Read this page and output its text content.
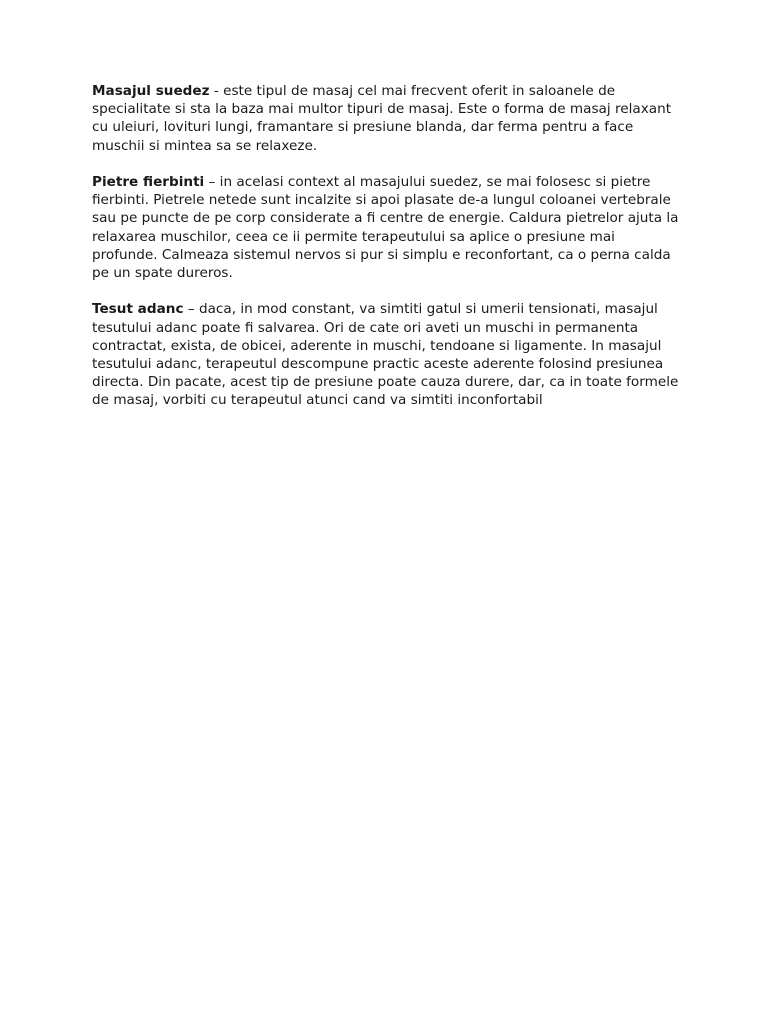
Masajul suedez - este tipul de masaj cel mai frecvent oferit in saloanele de specialitate si sta la baza mai multor tipuri de masaj. Este o forma de masaj relaxant cu uleiuri, lovituri lungi, framantare si presiune blanda, dar ferma pentru a face muschii si mintea sa se relaxeze.

Pietre fierbinti – in acelasi context al masajului suedez, se mai folosesc si pietre fierbinti. Pietrele netede sunt incalzite si apoi plasate de-a lungul coloanei vertebrale sau pe puncte de pe corp considerate a fi centre de energie. Caldura pietrelor ajuta la relaxarea muschilor, ceea ce ii permite terapeutului sa aplice o presiune mai profunde. Calmeaza sistemul nervos si pur si simplu e reconfortant, ca o perna calda pe un spate dureros.

Tesut adanc – daca, in mod constant, va simtiti gatul si umerii tensionati, masajul tesutului adanc poate fi salvarea. Ori de cate ori aveti un muschi in permanenta contractat, exista, de obicei, aderente in muschi, tendoane si ligamente. In masajul tesutului adanc, terapeutul descompune practic aceste aderente folosind presiunea directa. Din pacate, acest tip de presiune poate cauza durere, dar, ca in toate formele de masaj, vorbiti cu terapeutul atunci cand va simtiti inconfortabil
